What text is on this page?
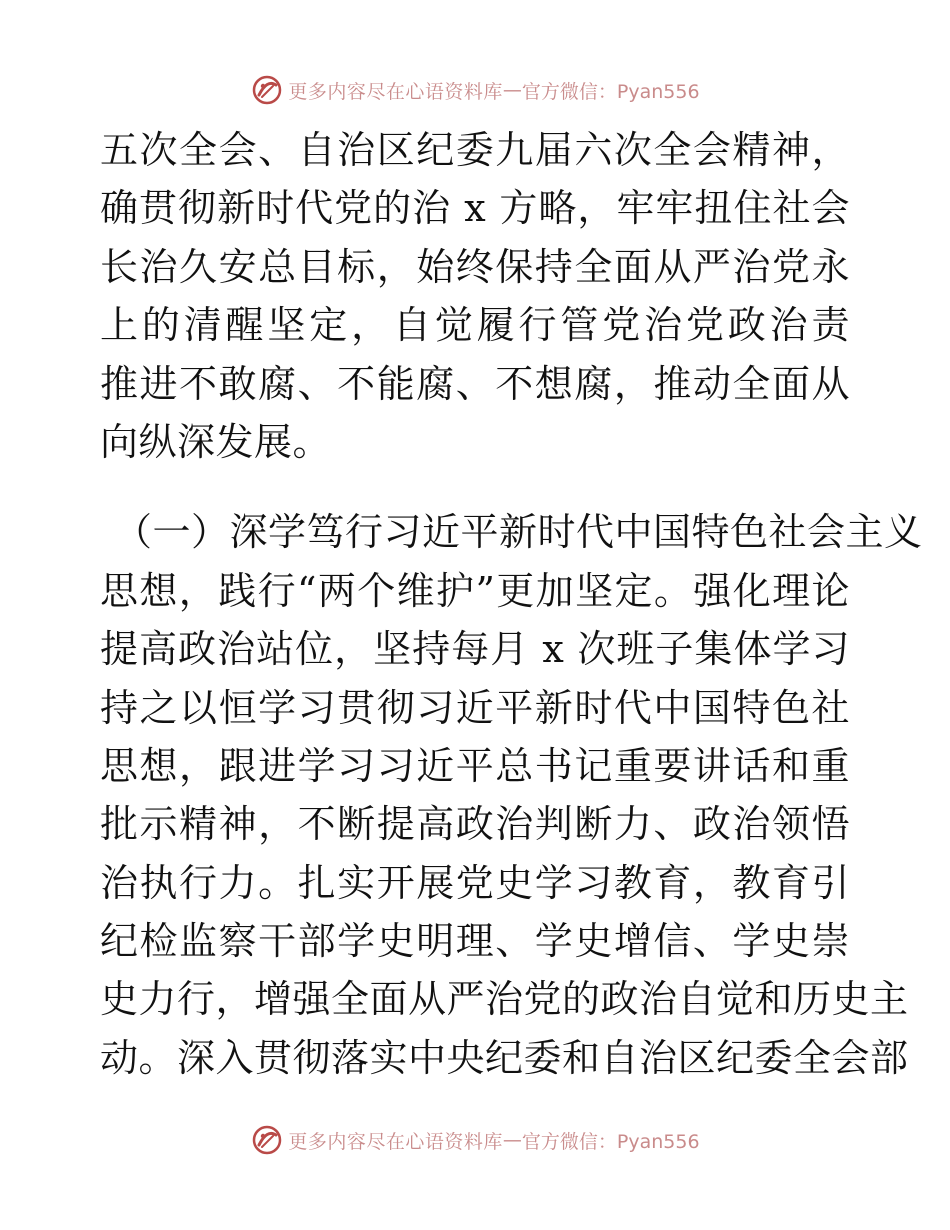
更多内容尽在心语资料库 — 官方微信：Pyan556
五次全会、自治区纪委九届六次全会精神，
确贯彻新时代党的治 x 方略，牢牢扭住社会
长治久安总目标，始终保持全面从严治党永
上的清醒坚定，自觉履行管党治党政治责
推进不敢腐、不能腐、不想腐，推动全面从
向纵深发展。
（一）深学笃行习近平新时代中国特色社会主义
思想，践行“两个维护”更加坚定。强化理论
提高政治站位，坚持每月 x 次班子集体学习
持之以恒学习贯彻习近平新时代中国特色社
思想，跟进学习习近平总书记重要讲话和重
批示精神，不断提高政治判断力、政治领悟
治执行力。扎实开展党史学习教育，教育引
纪检监察干部学史明理、学史增信、学史崇
史力行，增强全面从严治党的政治自觉和历史主
动。深入贯彻落实中央纪委和自治区纪委全会部
更多内容尽在心语资料库 — 官方微信：Pyan556
